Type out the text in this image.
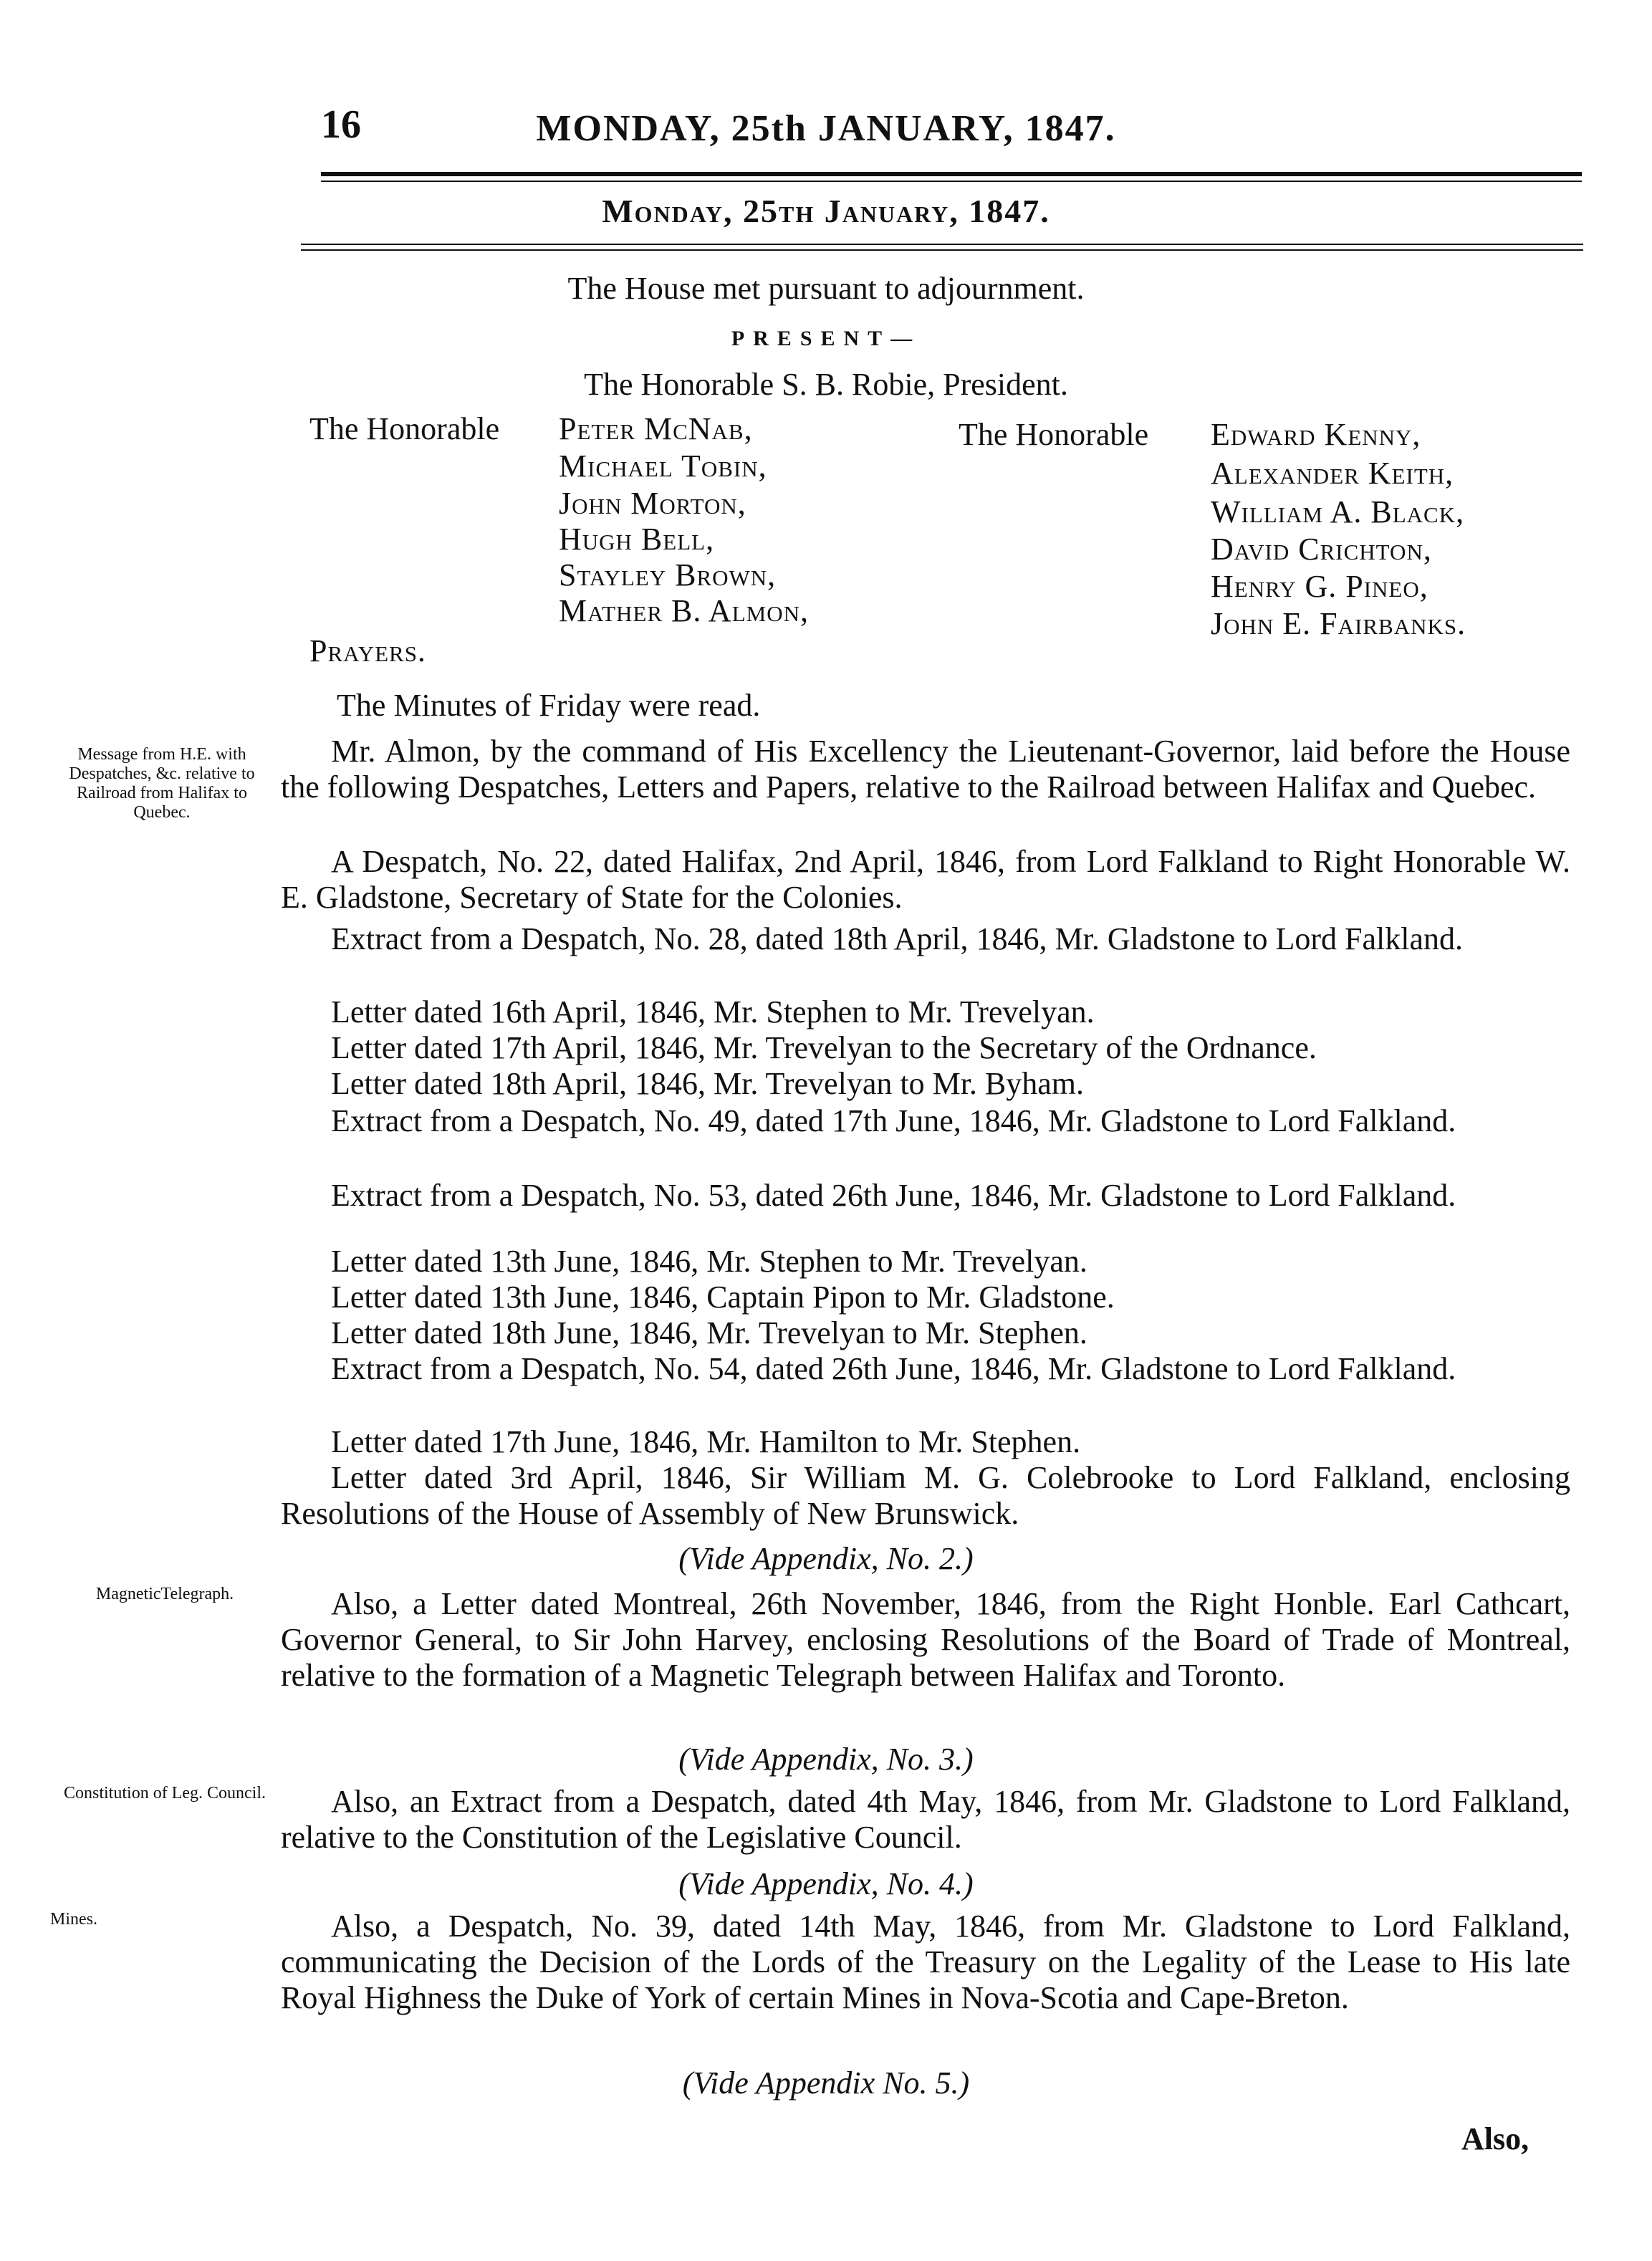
16	MONDAY, 25th JANUARY, 1847.
Monday, 25th January, 1847.
The House met pursuant to adjournment.
PRESENT—
The Honorable S. B. Robie, President.
The Honorable Peter McNab,
Michael Tobin,
John Morton,
Hugh Bell,
Stayley Brown,
Mather B. Almon,
The Honorable Edward Kenny,
Alexander Keith,
William A. Black,
David Crichton,
Henry G. Pineo,
John E. Fairbanks.
Prayers.
The Minutes of Friday were read.
Message from H.E. with Despatches, &c. relative to Railroad from Halifax to Quebec.
MagneticTelegraph.
Constitution of Leg. Council.
Mines.
Mr. Almon, by the command of His Excellency the Lieutenant-Governor, laid before the House the following Despatches, Letters and Papers, relative to the Railroad between Halifax and Quebec.
A Despatch, No. 22, dated Halifax, 2nd April, 1846, from Lord Falkland to Right Honorable W. E. Gladstone, Secretary of State for the Colonies.
Extract from a Despatch, No. 28, dated 18th April, 1846, Mr. Gladstone to Lord Falkland.
Letter dated 16th April, 1846, Mr. Stephen to Mr. Trevelyan.
Letter dated 17th April, 1846, Mr. Trevelyan to the Secretary of the Ordnance.
Letter dated 18th April, 1846, Mr. Trevelyan to Mr. Byham.
Extract from a Despatch, No. 49, dated 17th June, 1846, Mr. Gladstone to Lord Falkland.
Extract from a Despatch, No. 53, dated 26th June, 1846, Mr. Gladstone to Lord Falkland.
Letter dated 13th June, 1846, Mr. Stephen to Mr. Trevelyan.
Letter dated 13th June, 1846, Captain Pipon to Mr. Gladstone.
Letter dated 18th June, 1846, Mr. Trevelyan to Mr. Stephen.
Extract from a Despatch, No. 54, dated 26th June, 1846, Mr. Gladstone to Lord Falkland.
Letter dated 17th June, 1846, Mr. Hamilton to Mr. Stephen.
Letter dated 3rd April, 1846, Sir William M. G. Colebrooke to Lord Falkland, enclosing Resolutions of the House of Assembly of New Brunswick.
(Vide Appendix, No. 2.)
Also, a Letter dated Montreal, 26th November, 1846, from the Right Honble. Earl Cathcart, Governor General, to Sir John Harvey, enclosing Resolutions of the Board of Trade of Montreal, relative to the formation of a Magnetic Telegraph between Halifax and Toronto.
(Vide Appendix, No. 3.)
Also, an Extract from a Despatch, dated 4th May, 1846, from Mr. Gladstone to Lord Falkland, relative to the Constitution of the Legislative Council.
(Vide Appendix, No. 4.)
Also, a Despatch, No. 39, dated 14th May, 1846, from Mr. Gladstone to Lord Falkland, communicating the Decision of the Lords of the Treasury on the Legality of the Lease to His late Royal Highness the Duke of York of certain Mines in Nova-Scotia and Cape-Breton.
(Vide Appendix No. 5.)
Also,
